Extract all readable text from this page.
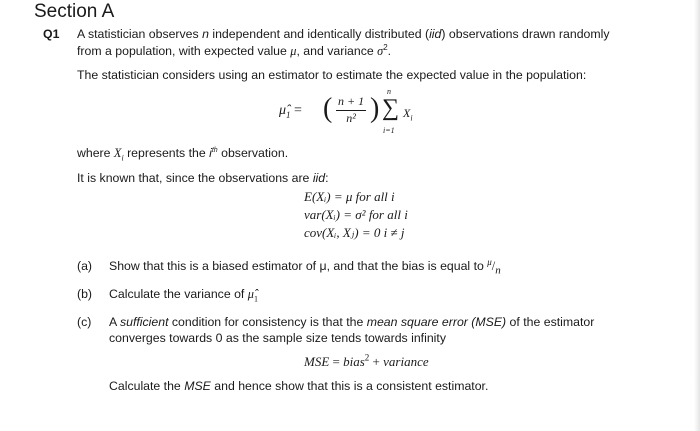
Section A
Q1 A statistician observes n independent and identically distributed (iid) observations drawn randomly
from a population, with expected value μ, and variance $\sigma^2$.
The statistician considers using an estimator to estimate the expected value in the population:
$\mû_1$ = ( n + 1
n² )
n
∑
i=1
$X_i$
where $X_i$ represents the $i^{th}$ observation.
It is known that, since the observations are iid:
E(Xᵢ) = μ for all i
var(Xᵢ) = σ² for all i
cov(Xᵢ, Xⱼ) = 0 i ≠ j
(a) Show that this is a biased estimator of μ, and that the bias is equal to $^\mu/_n$
(b) Calculate the variance of $\mû_1$
(c) A sufficient condition for consistency is that the mean square error (MSE) of the estimator
converges towards 0 as the sample size tends towards infinity
MSE = bias$^2$ + variance
Calculate the MSE and hence show that this is a consistent estimator.
